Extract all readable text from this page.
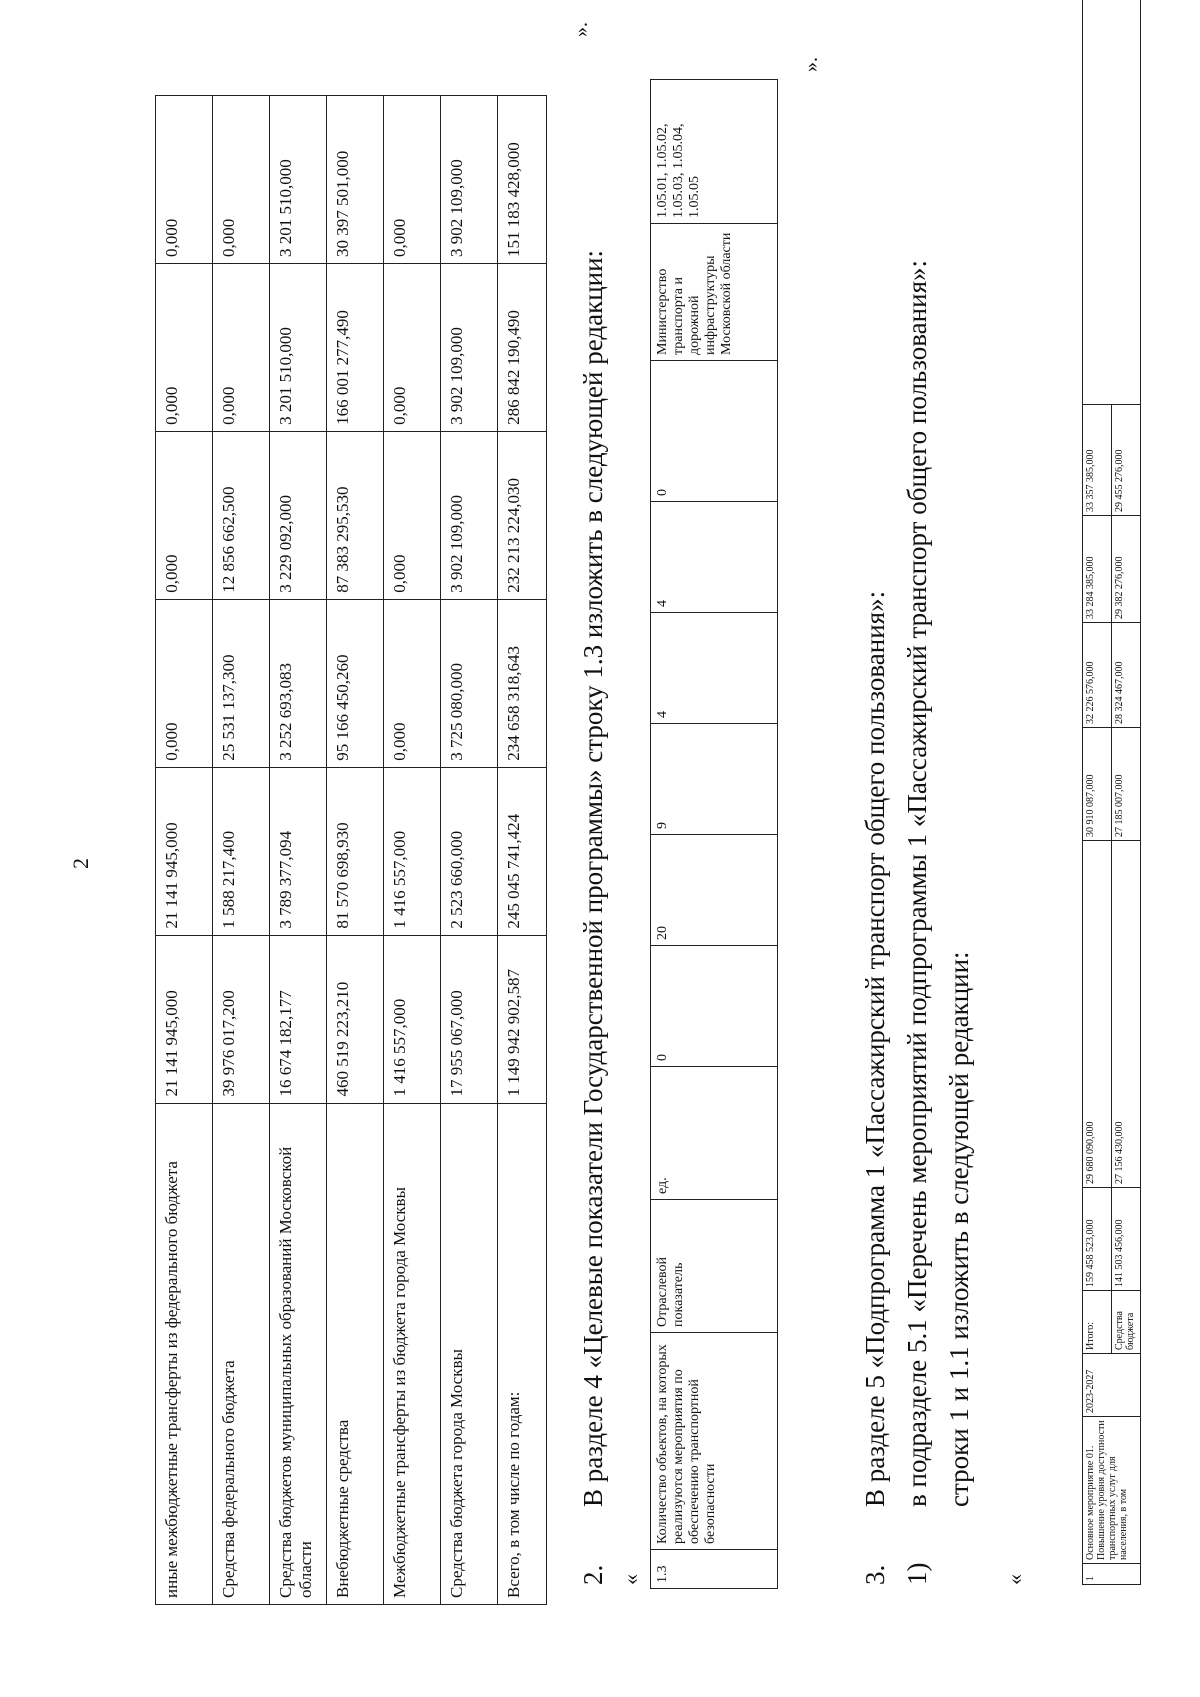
2
иные межбюджетные трансферты из федерального бюджета	21 141 945,000	21 141 945,000	0,000	0,000	0,000	0,000
Средства федерального бюджета	39 976 017,200	1 588 217,400	25 531 137,300	12 856 662,500	0,000	0,000
Средства бюджетов муниципальных образований Московской области	16 674 182,177	3 789 377,094	3 252 693,083	3 229 092,000	3 201 510,000	3 201 510,000
Внебюджетные средства	460 519 223,210	81 570 698,930	95 166 450,260	87 383 295,530	166 001 277,490	30 397 501,000
Межбюджетные трансферты из бюджета города Москвы	1 416 557,000	1 416 557,000	0,000	0,000	0,000	0,000
Средства бюджета города Москвы	17 955 067,000	2 523 660,000	3 725 080,000	3 902 109,000	3 902 109,000	3 902 109,000
Всего, в том числе по годам:	1 149 942 902,587	245 045 741,424	234 658 318,643	232 213 224,030	286 842 190,490	151 183 428,000
».
2.
В разделе 4 «Целевые показатели Государственной программы» строку 1.3 изложить в следующей редакции:
« 1.3	Количество объектов, на которых реализуются мероприятия по обеспечению транспортной безопасности	Отраслевой показатель	ед.	0	20	9	4	4	0	Министерство транспорта и дорожной инфраструктуры Московской области	1.05.01, 1.05.02, 1.05.03, 1.05.04, 1.05.05
».
3.
В разделе 5 «Подпрограмма 1 «Пассажирский транспорт общего пользования»:
1)
в подразделе 5.1 «Перечень мероприятий подпрограммы 1 «Пассажирский транспорт общего пользования»: строки 1 и 1.1 изложить в следующей редакции:
«	1	Основное мероприятие 01. Повышение уровня доступности транспортных услуг для населения, в том	2023-2027	Итого:	159 458 523,000	29 680 090,000	30 910 087,000	32 226 576,000	33 284 385,000	33 357 385,000	
			Средства бюджета	141 503 456,000	27 156 430,000	27 185 007,000	28 324 467,000	29 382 276,000	29 455 276,000	
